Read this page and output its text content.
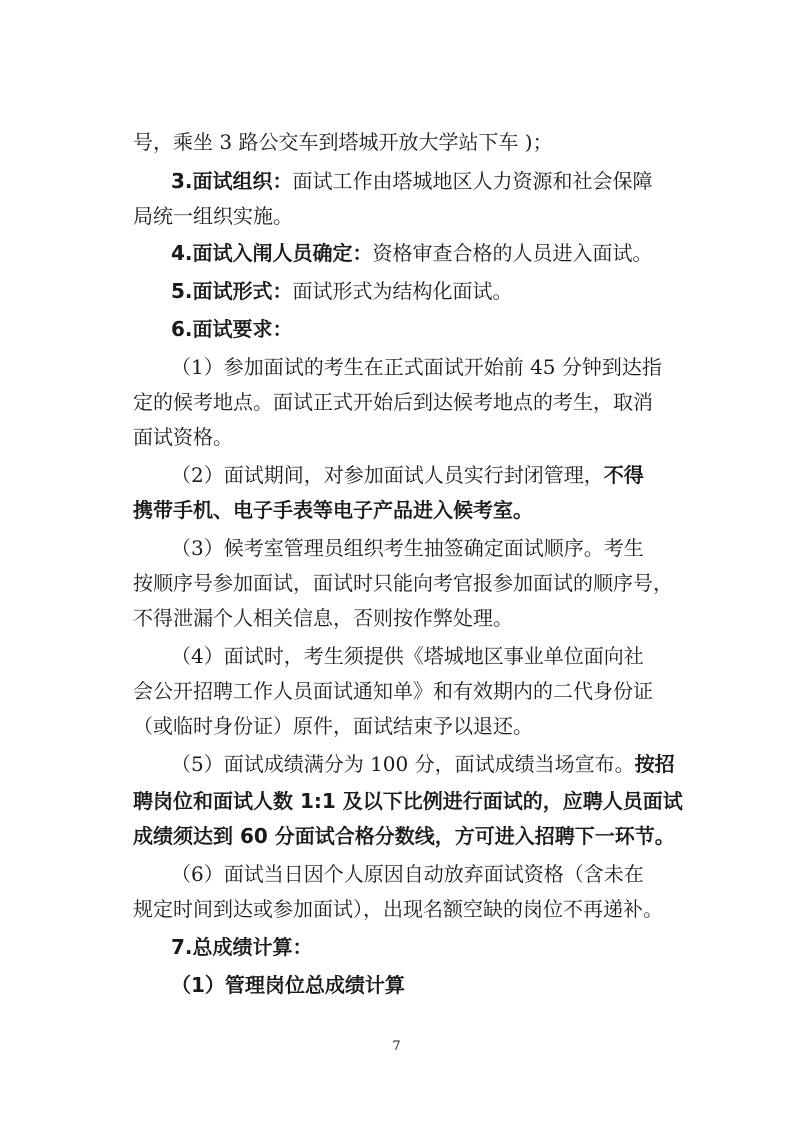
号，乘坐 3 路公交车到塔城开放大学站下车 )；
3.面试组织：面试工作由塔城地区人力资源和社会保障
局统一组织实施。
4.面试入闱人员确定：资格审查合格的人员进入面试。
5.面试形式：面试形式为结构化面试。
6.面试要求：
（1）参加面试的考生在正式面试开始前 45 分钟到达指
定的候考地点。面试正式开始后到达候考地点的考生，取消
面试资格。
（2）面试期间，对参加面试人员实行封闭管理，不得
携带手机、电子手表等电子产品进入候考室。
（3）候考室管理员组织考生抽签确定面试顺序。考生
按顺序号参加面试，面试时只能向考官报参加面试的顺序号，
不得泄漏个人相关信息，否则按作弊处理。
（4）面试时，考生须提供《塔城地区事业单位面向社
会公开招聘工作人员面试通知单》和有效期内的二代身份证
（或临时身份证）原件，面试结束予以退还。
（5）面试成绩满分为 100 分，面试成绩当场宣布。按招
聘岗位和面试人数 1:1 及以下比例进行面试的，应聘人员面试
成绩须达到 60 分面试合格分数线，方可进入招聘下一环节。
（6）面试当日因个人原因自动放弃面试资格（含未在
规定时间到达或参加面试），出现名额空缺的岗位不再递补。
7.总成绩计算：
（1）管理岗位总成绩计算
7
